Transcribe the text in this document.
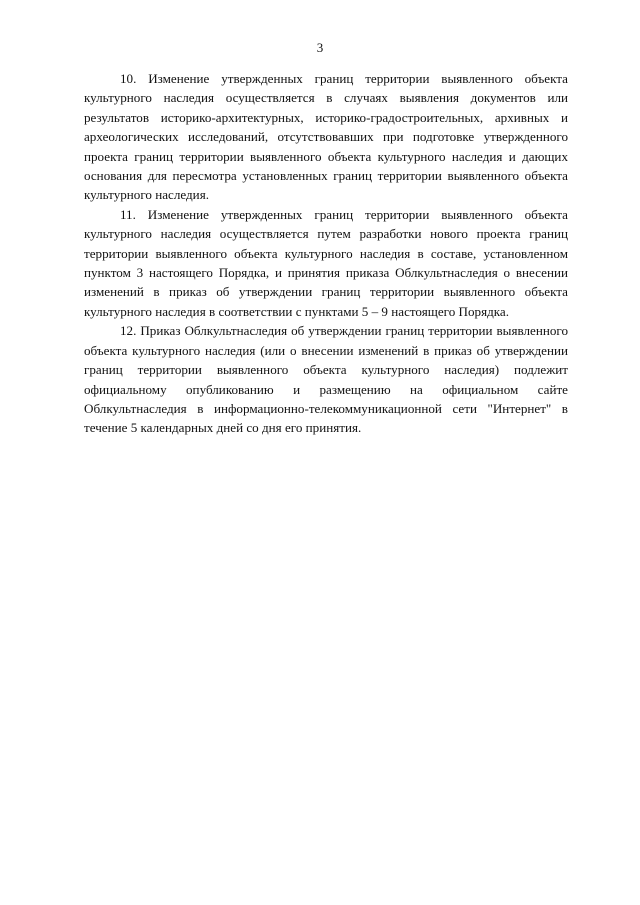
3

10. Изменение утвержденных границ территории выявленного объекта культурного наследия осуществляется в случаях выявления документов или результатов историко-архитектурных, историко-градостроительных, архивных и археологических исследований, отсутствовавших при подготовке утвержденного проекта границ территории выявленного объекта культурного наследия и дающих основания для пересмотра установленных границ территории выявленного объекта культурного наследия.

11. Изменение утвержденных границ территории выявленного объекта культурного наследия осуществляется путем разработки нового проекта границ территории выявленного объекта культурного наследия в составе, установленном пунктом 3 настоящего Порядка, и принятия приказа Облкультнаследия о внесении изменений в приказ об утверждении границ территории выявленного объекта культурного наследия в соответствии с пунктами 5 – 9 настоящего Порядка.

12. Приказ Облкультнаследия об утверждении границ территории выявленного объекта культурного наследия (или о внесении изменений в приказ об утверждении границ территории выявленного объекта культурного наследия) подлежит официальному опубликованию и размещению на официальном сайте Облкультнаследия в информационно-телекоммуникационной сети "Интернет" в течение 5 календарных дней со дня его принятия.
